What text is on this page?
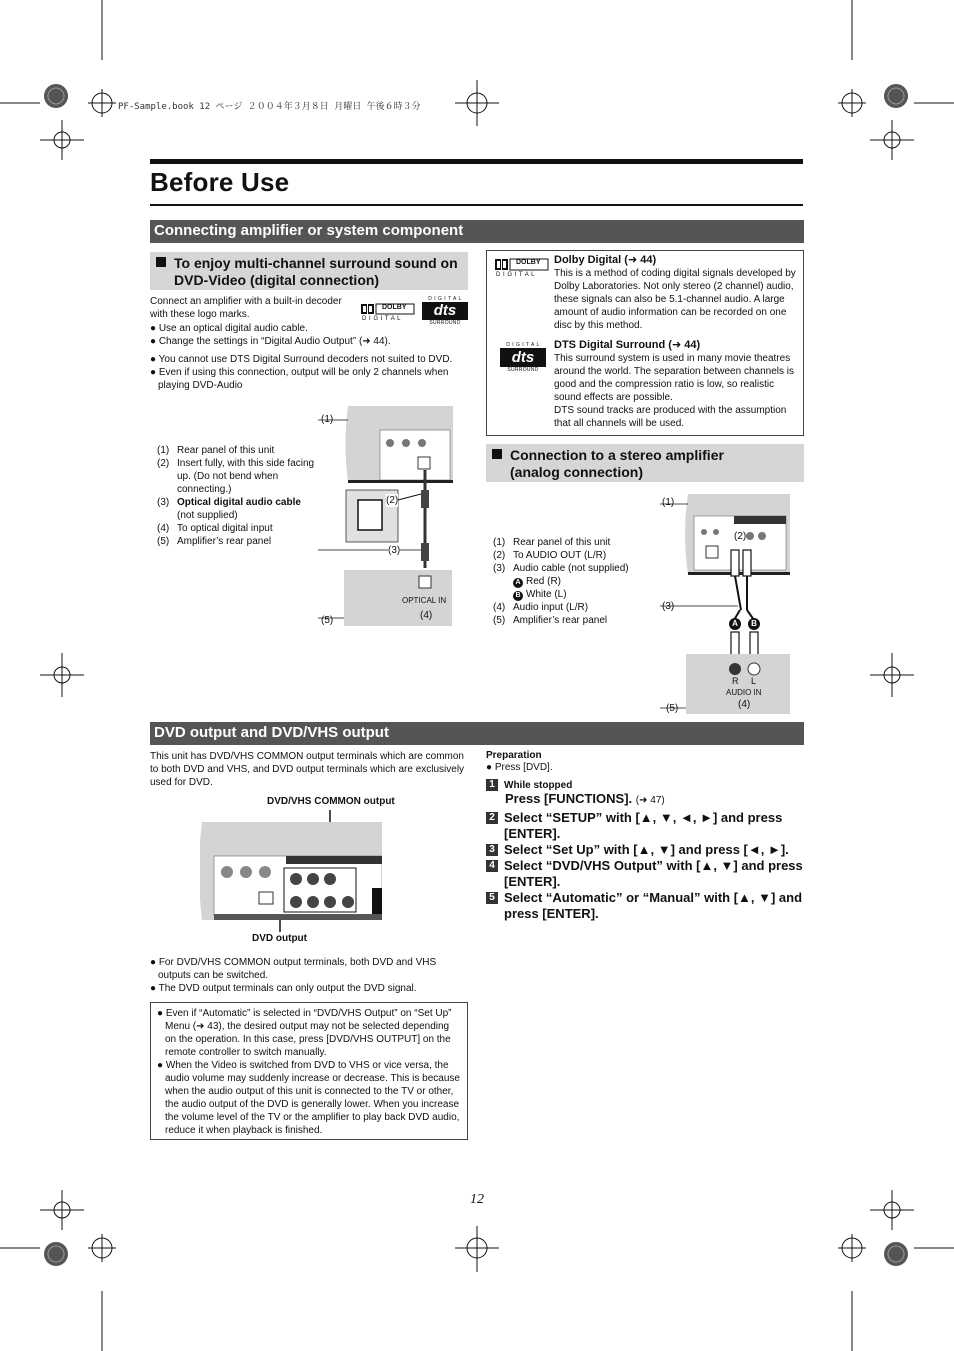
PF-Sample.book 12 ページ ２００４年３月８日 月曜日 午後６時３分
Before Use
Connecting amplifier or system component
To enjoy multi-channel surround sound on
DVD-Video (digital connection)
Connect an amplifier with a built-in decoder with these logo marks.
DOLBY
D I G I T A L
D I G I T A L
dts
SURROUND

● Use an optical digital audio cable.

● Change the settings in “Digital Audio Output” (➜ 44).

● You cannot use DTS Digital Surround decoders not suited to DVD.

● Even if using this connection, output will be only 2 channels when playing DVD-Audio

(1) Rear panel of this unit
(2) Insert fully, with this side facing up. (Do not bend when connecting.)
(3) Optical digital audio cable
(not supplied)
(4) To optical digital input
(5) Amplifier’s rear panel
(1)
(2)
(3)
(5)
OPTICAL IN
(4)
DOLBY
D I G I T A L
D I G I T A L
dts
SURROUND

Dolby Digital (➜ 44)

This is a method of coding digital signals developed by Dolby Laboratories. Not only stereo (2 channel) audio, these signals can also be 5.1-channel audio. A large amount of audio information can be recorded on one disc by this method.

DTS Digital Surround (➜ 44)

This surround system is used in many movie theatres around the world. The separation between channels is good and the compression ratio is low, so realistic sound effects are possible.

DTS sound tracks are produced with the assumption that all channels will be used.

Connection to a stereo amplifier
(analog connection)
(1) Rear panel of this unit
(2) To AUDIO OUT (L/R)
(3) Audio cable (not supplied)
A Red (R)
B White (L)
(4) Audio input (L/R)
(5) Amplifier’s rear panel
(1)
(2)
(3)
A	B
R L
AUDIO IN
(4)
(5)
DVD output and DVD/VHS output
This unit has DVD/VHS COMMON output terminals which are common to both DVD and VHS, and DVD output terminals which are exclusively used for DVD.
DVD/VHS COMMON output
DVD output

● For DVD/VHS COMMON output terminals, both DVD and VHS outputs can be switched.

● The DVD output terminals can only output the DVD signal.

● Even if “Automatic” is selected in “DVD/VHS Output” on “Set Up” Menu (➜ 43), the desired output may not be selected depending on the operation. In this case, press [DVD/VHS OUTPUT] on the remote controller to switch manually.

● When the Video is switched from DVD to VHS or vice versa, the audio volume may suddenly increase or decrease. This is because when the audio output of this unit is connected to the TV or other, the audio output of the DVD is generally lower. When you increase the volume level of the TV or the amplifier to play back DVD audio, reduce it when playback is finished.

Preparation
● Press [DVD].
1 While stopped
Press [FUNCTIONS]. (➜ 47)
2 Select “SETUP” with [▲, ▼, ◄, ►] and press [ENTER].
3 Select “Set Up” with [▲, ▼] and press [◄, ►].
4 Select “DVD/VHS Output” with [▲, ▼] and press [ENTER].
5 Select “Automatic” or “Manual” with [▲, ▼] and press [ENTER].
12
